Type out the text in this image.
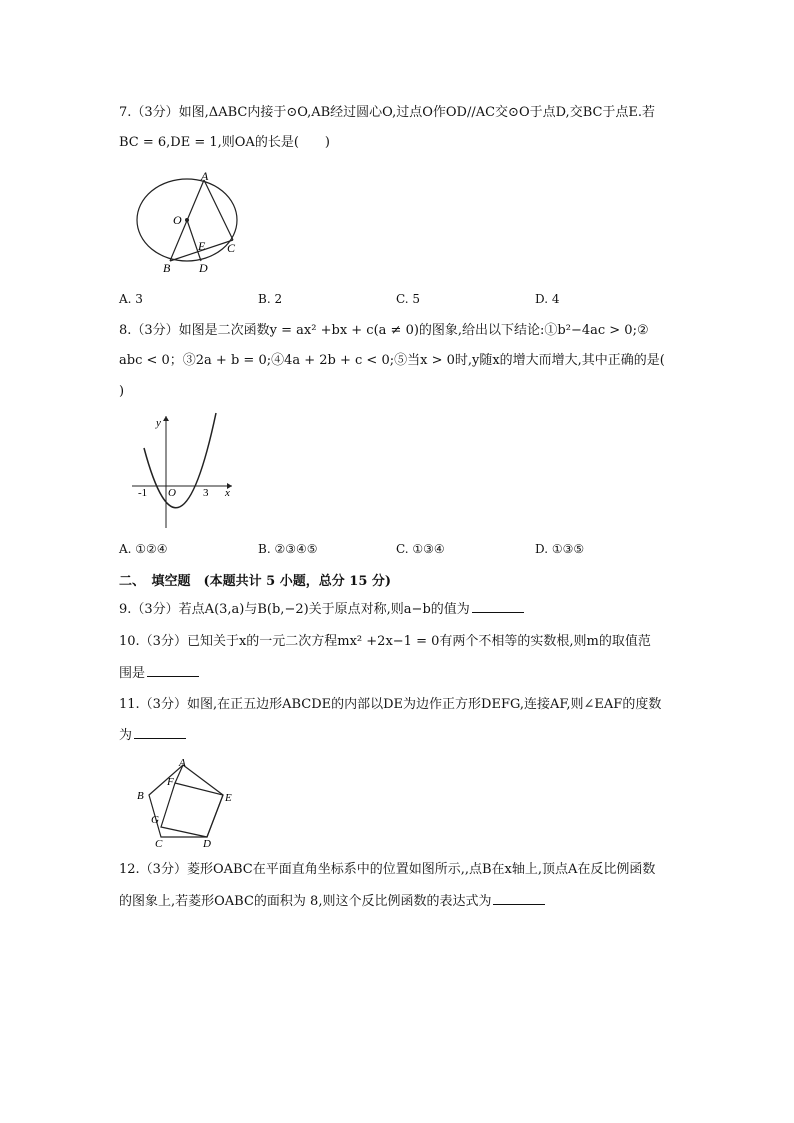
7.（3分）如图,ΔABC内接于⊙O,AB经过圆心O,过点O作OD//AC交⊙O于点D,交BC于点E.若
BC = 6,DE = 1,则OA的长是(　　)
A
O
E C
B D
A. 3	B. 2	C. 5	D. 4
8.（3分）如图是二次函数y = ax² +bx + c(a ≠ 0)的图象,给出以下结论:①b²−4ac > 0;②
abc < 0；③2a + b = 0;④4a + 2b + c < 0;⑤当x > 0时,y随x的增大而增大,其中正确的是(
)
y
x
-1 O 3
A. ①②④	B. ②③④⑤	C. ①③④	D. ①③⑤
二、　填空题　(本题共计 5 小题，总分 15 分)
9.（3分）若点A(3,a)与B(b,−2)关于原点对称,则a−b的值为
10.（3分）已知关于x的一元二次方程mx² +2x−1 = 0有两个不相等的实数根,则m的取值范
围是
11.（3分）如图,在正五边形ABCDE的内部以DE为边作正方形DEFG,连接AF,则∠EAF的度数
为
A
F
B	E
G
C	D
12.（3分）菱形OABC在平面直角坐标系中的位置如图所示,,点B在x轴上,顶点A在反比例函数
的图象上,若菱形OABC的面积为 8,则这个反比例函数的表达式为
